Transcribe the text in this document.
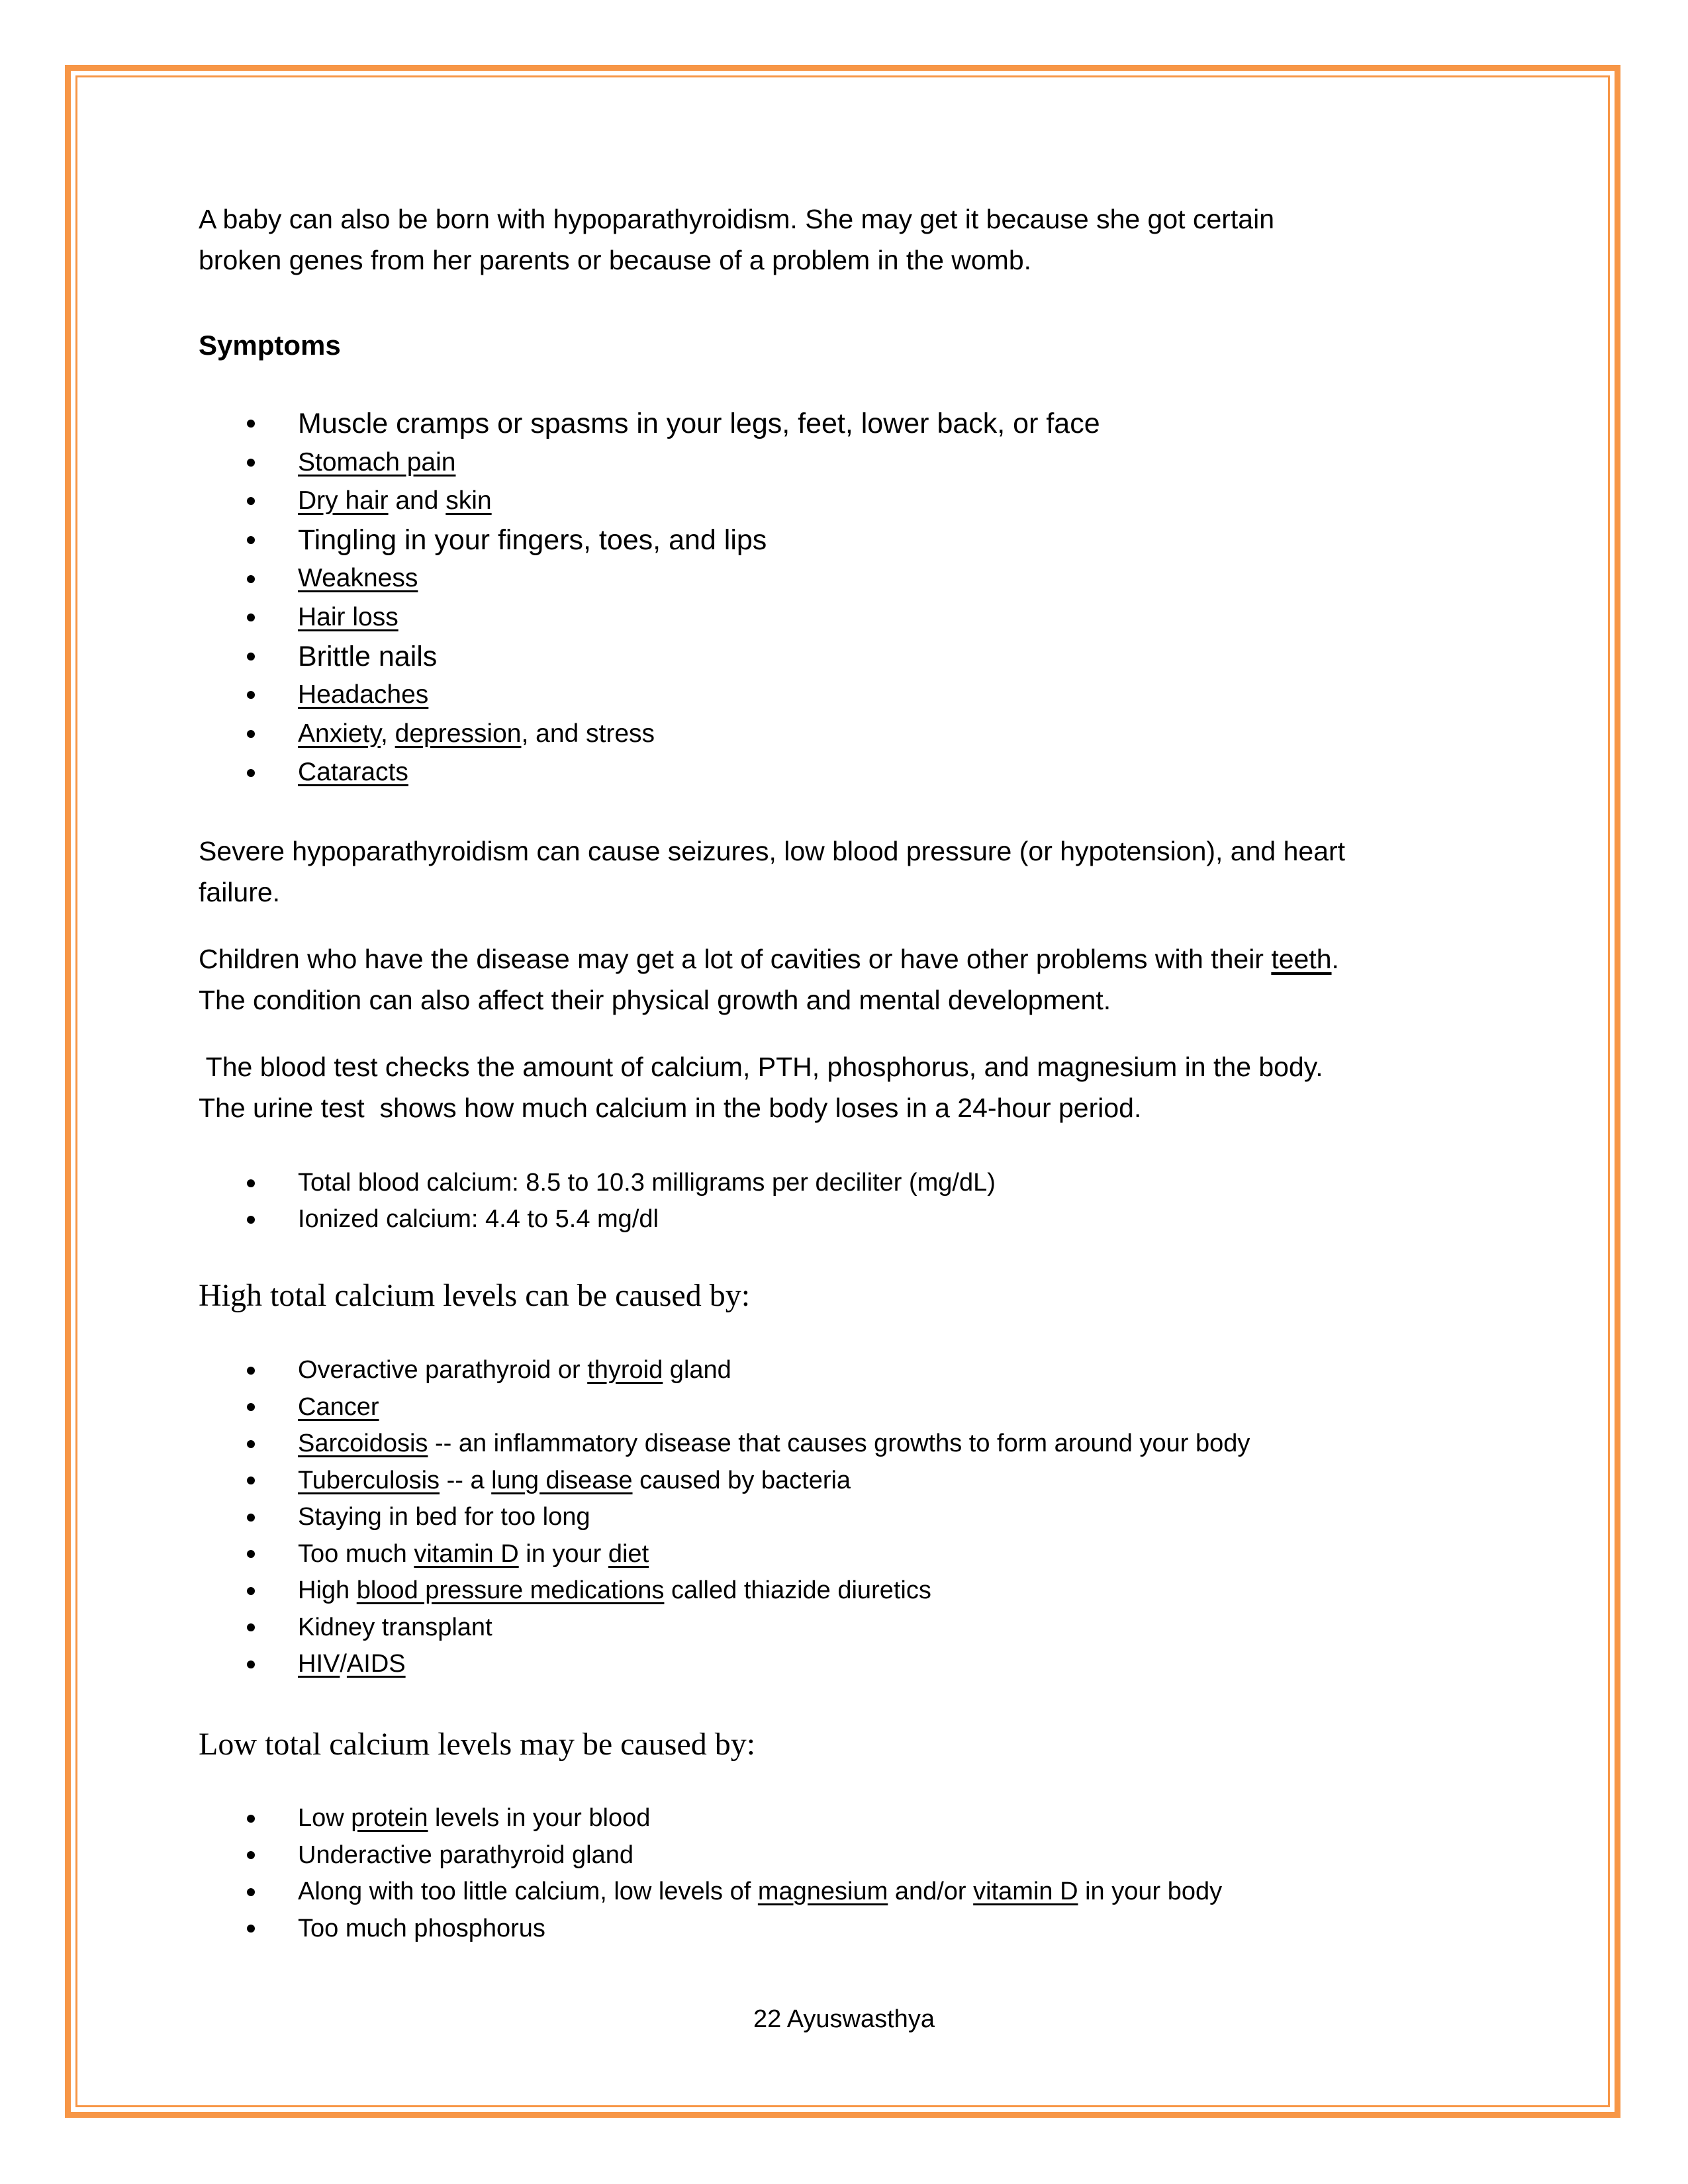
A baby can also be born with hypoparathyroidism. She may get it because she got certain
broken genes from her parents or because of a problem in the womb.

Symptoms

Muscle cramps or spasms in your legs, feet, lower back, or face
Stomach pain
Dry hair and skin
Tingling in your fingers, toes, and lips
Weakness
Hair loss
Brittle nails
Headaches
Anxiety, depression, and stress
Cataracts

Severe hypoparathyroidism can cause seizures, low blood pressure (or hypotension), and heart
failure.

Children who have the disease may get a lot of cavities or have other problems with their teeth.
The condition can also affect their physical growth and mental development.

The blood test checks the amount of calcium, PTH, phosphorus, and magnesium in the body.
The urine test  shows how much calcium in the body loses in a 24-hour period.

Total blood calcium: 8.5 to 10.3 milligrams per deciliter (mg/dL)
Ionized calcium: 4.4 to 5.4 mg/dl

High total calcium levels can be caused by:

Overactive parathyroid or thyroid gland
Cancer
Sarcoidosis -- an inflammatory disease that causes growths to form around your body
Tuberculosis -- a lung disease caused by bacteria
Staying in bed for too long
Too much vitamin D in your diet
High blood pressure medications called thiazide diuretics
Kidney transplant
HIV/AIDS

Low total calcium levels may be caused by:

Low protein levels in your blood
Underactive parathyroid gland
Along with too little calcium, low levels of magnesium and/or vitamin D in your body
Too much phosphorus
22 Ayuswasthya
